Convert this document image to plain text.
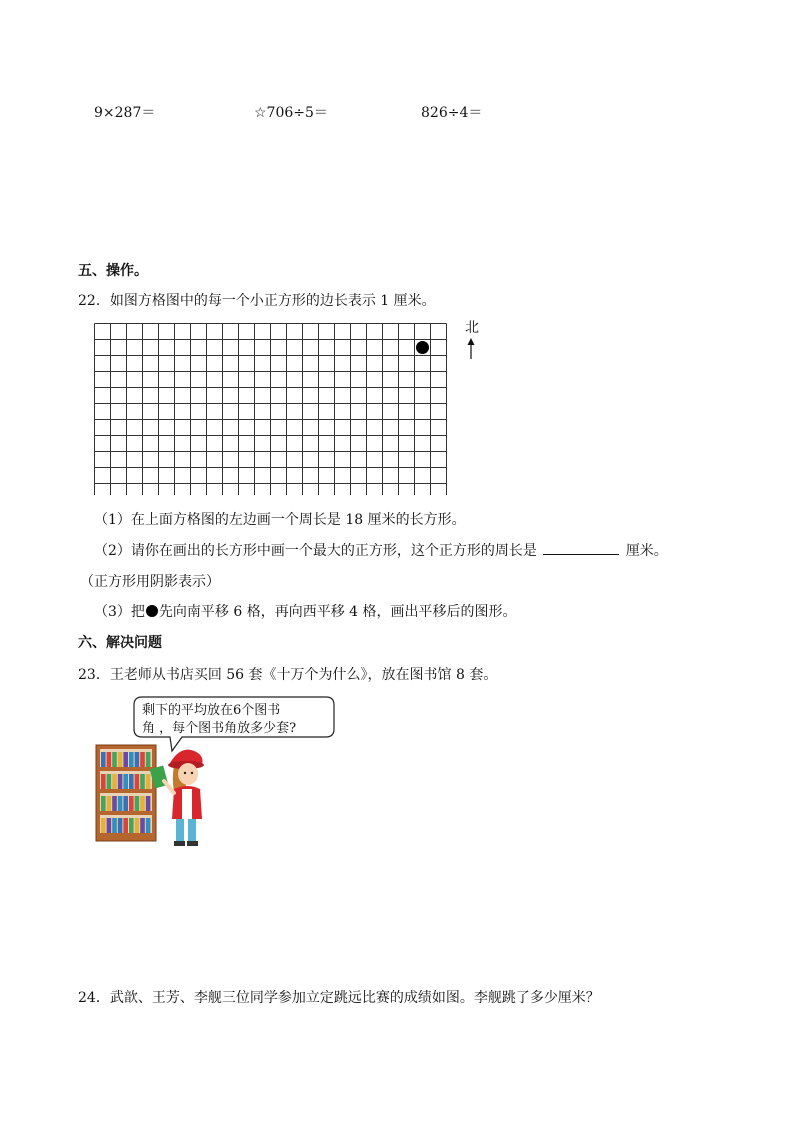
9×287＝	☆706÷5＝	826÷4＝
五、操作。
22．如图方格图中的每一个小正方形的边长表示 1 厘米。
北
（1）在上面方格图的左边画一个周长是 18 厘米的长方形。
（2）请你在画出的长方形中画一个最大的正方形，这个正方形的周长是	厘米。
（正方形用阴影表示）
（3）把 先向南平移 6 格，再向西平移 4 格，画出平移后的图形。
六、解决问题
23．王老师从书店买回 56 套《十万个为什么》，放在图书馆 8 套。
剩下的平均放在6个图书
角 ，每个图书角放多少套?
24．武歆、王芳、李舰三位同学参加立定跳远比赛的成绩如图。李舰跳了多少厘米？
